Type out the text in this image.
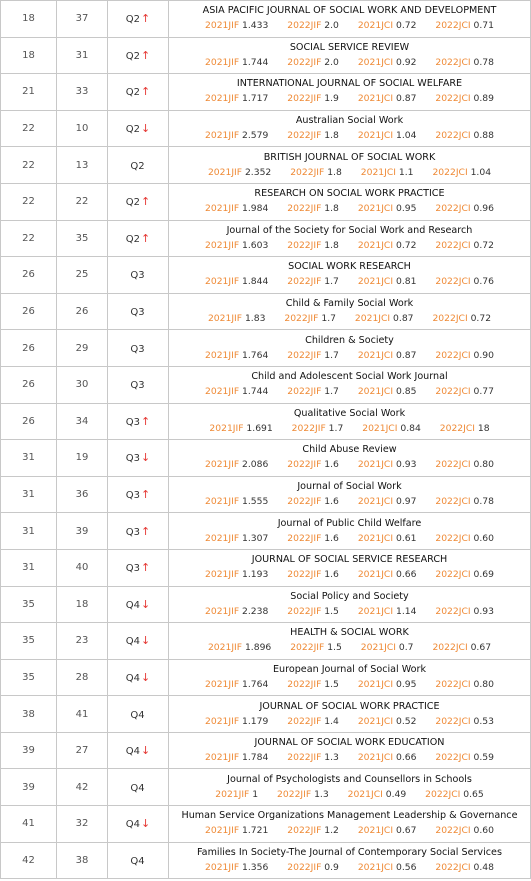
18	37	Q2↑	ASIA PACIFIC JOURNAL OF SOCIAL WORK AND DEVELOPMENT
2021JIF 1.433 2022JIF 2.0 2021JCI 0.72 2022JCI 0.71

18	31	Q2↑	SOCIAL SERVICE REVIEW
2021JIF 1.744 2022JIF 2.0 2021JCI 0.92 2022JCI 0.78

21	33	Q2↑	INTERNATIONAL JOURNAL OF SOCIAL WELFARE
2021JIF 1.717 2022JIF 1.9 2021JCI 0.87 2022JCI 0.89

22	10	Q2↓	Australian Social Work
2021JIF 2.579 2022JIF 1.8 2021JCI 1.04 2022JCI 0.88

22	13	Q2	BRITISH JOURNAL OF SOCIAL WORK
2021JIF 2.352 2022JIF 1.8 2021JCI 1.1 2022JCI 1.04

22	22	Q2↑	RESEARCH ON SOCIAL WORK PRACTICE
2021JIF 1.984 2022JIF 1.8 2021JCI 0.95 2022JCI 0.96

22	35	Q2↑	Journal of the Society for Social Work and Research
2021JIF 1.603 2022JIF 1.8 2021JCI 0.72 2022JCI 0.72

26	25	Q3	SOCIAL WORK RESEARCH
2021JIF 1.844 2022JIF 1.7 2021JCI 0.81 2022JCI 0.76

26	26	Q3	Child & Family Social Work
2021JIF 1.83 2022JIF 1.7 2021JCI 0.87 2022JCI 0.72

26	29	Q3	Children & Society
2021JIF 1.764 2022JIF 1.7 2021JCI 0.87 2022JCI 0.90

26	30	Q3	Child and Adolescent Social Work Journal
2021JIF 1.744 2022JIF 1.7 2021JCI 0.85 2022JCI 0.77

26	34	Q3↑	Qualitative Social Work
2021JIF 1.691 2022JIF 1.7 2021JCI 0.84 2022JCI 18

31	19	Q3↓	Child Abuse Review
2021JIF 2.086 2022JIF 1.6 2021JCI 0.93 2022JCI 0.80

31	36	Q3↑	Journal of Social Work
2021JIF 1.555 2022JIF 1.6 2021JCI 0.97 2022JCI 0.78

31	39	Q3↑	Journal of Public Child Welfare
2021JIF 1.307 2022JIF 1.6 2021JCI 0.61 2022JCI 0.60

31	40	Q3↑	JOURNAL OF SOCIAL SERVICE RESEARCH
2021JIF 1.193 2022JIF 1.6 2021JCI 0.66 2022JCI 0.69

35	18	Q4↓	Social Policy and Society
2021JIF 2.238 2022JIF 1.5 2021JCI 1.14 2022JCI 0.93

35	23	Q4↓	HEALTH & SOCIAL WORK
2021JIF 1.896 2022JIF 1.5 2021JCI 0.7 2022JCI 0.67

35	28	Q4↓	European Journal of Social Work
2021JIF 1.764 2022JIF 1.5 2021JCI 0.95 2022JCI 0.80

38	41	Q4	JOURNAL OF SOCIAL WORK PRACTICE
2021JIF 1.179 2022JIF 1.4 2021JCI 0.52 2022JCI 0.53

39	27	Q4↓	JOURNAL OF SOCIAL WORK EDUCATION
2021JIF 1.784 2022JIF 1.3 2021JCI 0.66 2022JCI 0.59

39	42	Q4	Journal of Psychologists and Counsellors in Schools
2021JIF 1 2022JIF 1.3 2021JCI 0.49 2022JCI 0.65

41	32	Q4↓	Human Service Organizations Management Leadership & Governance
2021JIF 1.721 2022JIF 1.2 2021JCI 0.67 2022JCI 0.60

42	38	Q4	Families In Society-The Journal of Contemporary Social Services
2021JIF 1.356 2022JIF 0.9 2021JCI 0.56 2022JCI 0.48
